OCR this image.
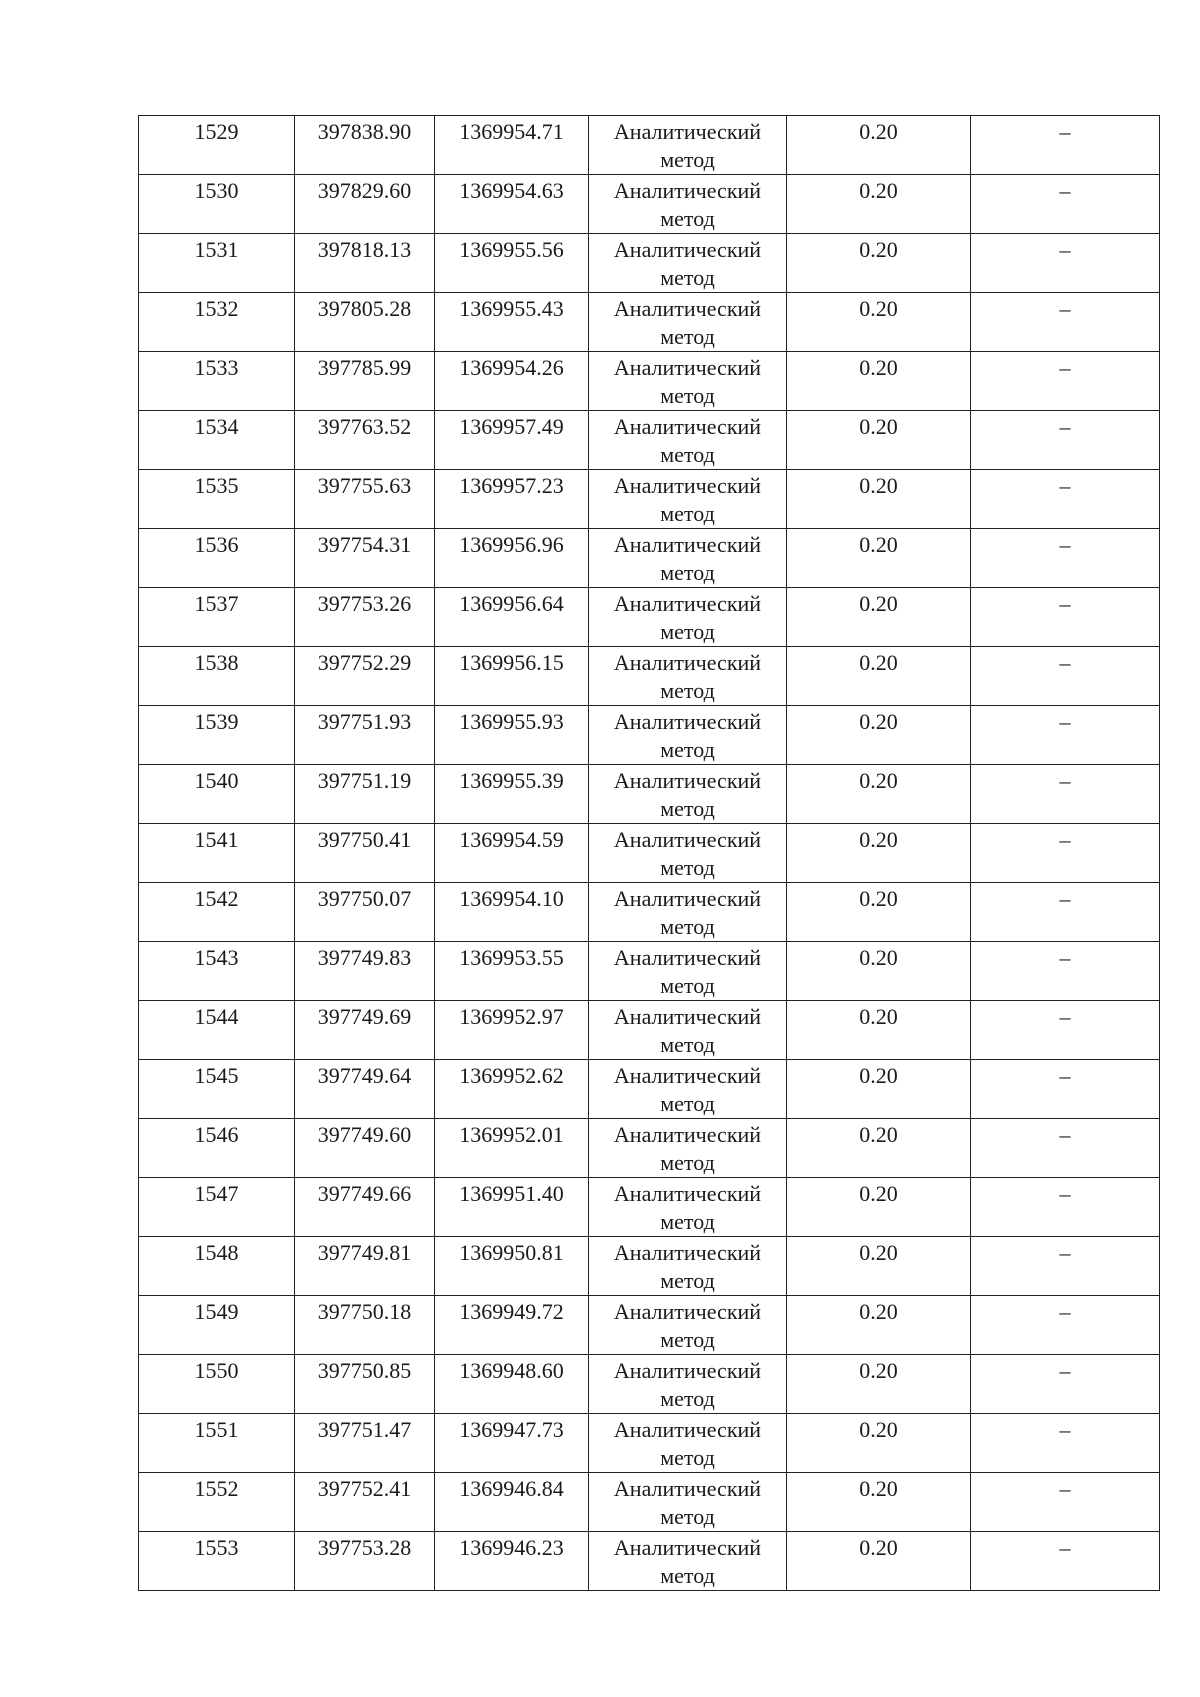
1529	397838.90	1369954.71	Аналитический
метод	0.20	–

1530	397829.60	1369954.63	Аналитический
метод	0.20	–

1531	397818.13	1369955.56	Аналитический
метод	0.20	–

1532	397805.28	1369955.43	Аналитический
метод	0.20	–

1533	397785.99	1369954.26	Аналитический
метод	0.20	–

1534	397763.52	1369957.49	Аналитический
метод	0.20	–

1535	397755.63	1369957.23	Аналитический
метод	0.20	–

1536	397754.31	1369956.96	Аналитический
метод	0.20	–

1537	397753.26	1369956.64	Аналитический
метод	0.20	–

1538	397752.29	1369956.15	Аналитический
метод	0.20	–

1539	397751.93	1369955.93	Аналитический
метод	0.20	–

1540	397751.19	1369955.39	Аналитический
метод	0.20	–

1541	397750.41	1369954.59	Аналитический
метод	0.20	–

1542	397750.07	1369954.10	Аналитический
метод	0.20	–

1543	397749.83	1369953.55	Аналитический
метод	0.20	–

1544	397749.69	1369952.97	Аналитический
метод	0.20	–

1545	397749.64	1369952.62	Аналитический
метод	0.20	–

1546	397749.60	1369952.01	Аналитический
метод	0.20	–

1547	397749.66	1369951.40	Аналитический
метод	0.20	–

1548	397749.81	1369950.81	Аналитический
метод	0.20	–

1549	397750.18	1369949.72	Аналитический
метод	0.20	–

1550	397750.85	1369948.60	Аналитический
метод	0.20	–

1551	397751.47	1369947.73	Аналитический
метод	0.20	–

1552	397752.41	1369946.84	Аналитический
метод	0.20	–

1553	397753.28	1369946.23	Аналитический
метод	0.20	–
